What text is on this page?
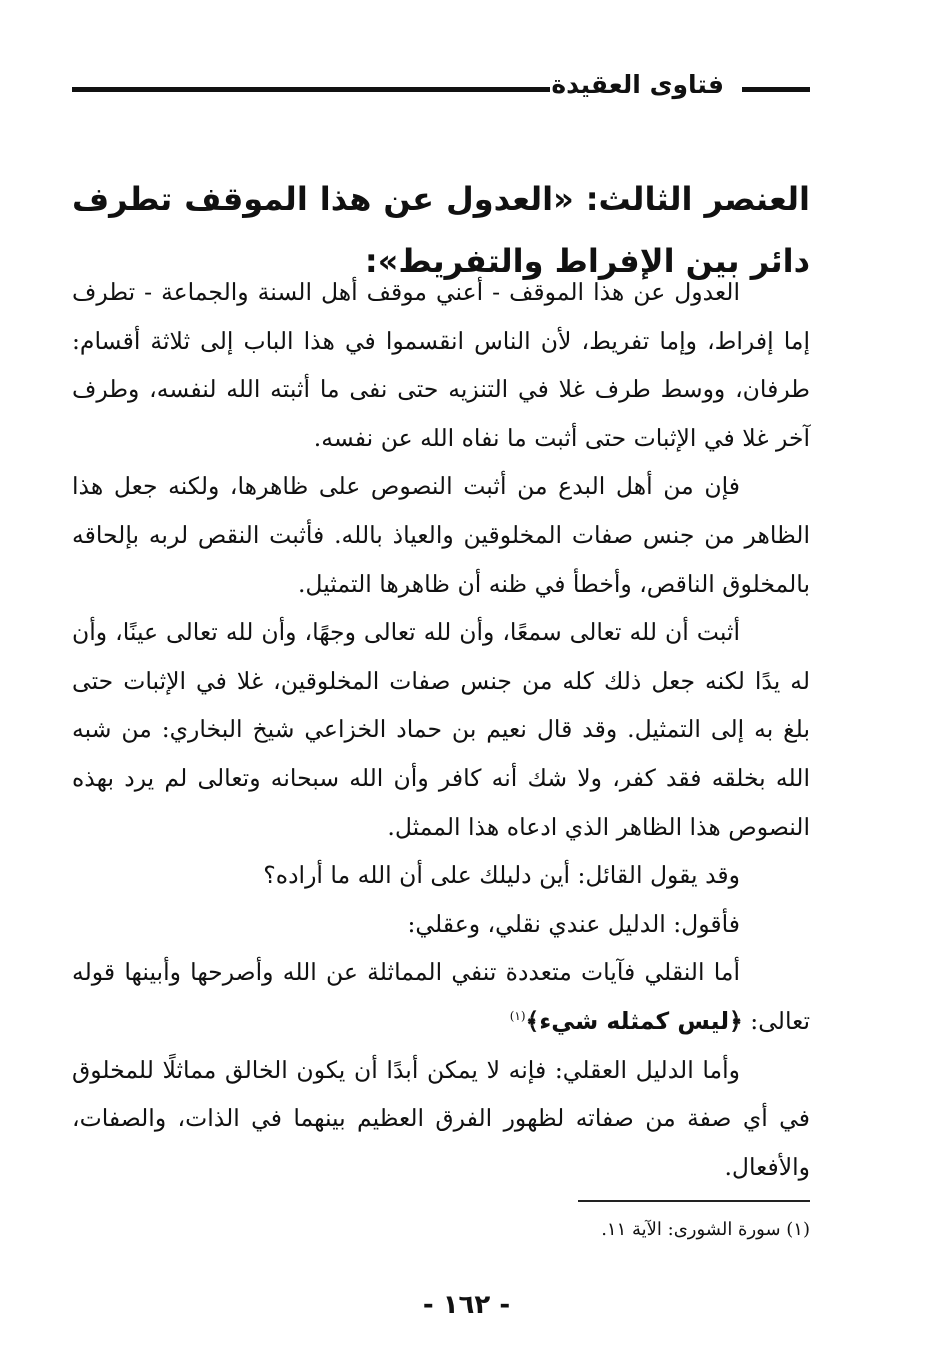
فتاوى العقيدة
العنصر الثالث: «العدول عن هذا الموقف تطرف دائر بين الإفراط والتفريط»:

العدول عن هذا الموقف - أعني موقف أهل السنة والجماعة - تطرف إما إفراط، وإما تفريط، لأن الناس انقسموا في هذا الباب إلى ثلاثة أقسام: طرفان، ووسط طرف غلا في التنزيه حتى نفى ما أثبته الله لنفسه، وطرف آخر غلا في الإثبات حتى أثبت ما نفاه الله عن نفسه.

فإن من أهل البدع من أثبت النصوص على ظاهرها، ولكنه جعل هذا الظاهر من جنس صفات المخلوقين والعياذ بالله. فأثبت النقص لربه بإلحاقه بالمخلوق الناقص، وأخطأ في ظنه أن ظاهرها التمثيل.

أثبت أن لله تعالى سمعًا، وأن لله تعالى وجهًا، وأن لله تعالى عينًا، وأن له يدًا لكنه جعل ذلك كله من جنس صفات المخلوقين، غلا في الإثبات حتى بلغ به إلى التمثيل. وقد قال نعيم بن حماد الخزاعي شيخ البخاري: من شبه الله بخلقه فقد كفر، ولا شك أنه كافر وأن الله سبحانه وتعالى لم يرد بهذه النصوص هذا الظاهر الذي ادعاه هذا الممثل.

وقد يقول القائل: أين دليلك على أن الله ما أراده؟

فأقول: الدليل عندي نقلي، وعقلي:

أما النقلي فآيات متعددة تنفي المماثلة عن الله وأصرحها وأبينها قوله تعالى: ﴿ليس كمثله شيء﴾$^{(١)}$

وأما الدليل العقلي: فإنه لا يمكن أبدًا أن يكون الخالق مماثلًا للمخلوق في أي صفة من صفاته لظهور الفرق العظيم بينهما في الذات، والصفات، والأفعال.

(١) سورة الشورى: الآية ١١.
- ١٦٢ -
